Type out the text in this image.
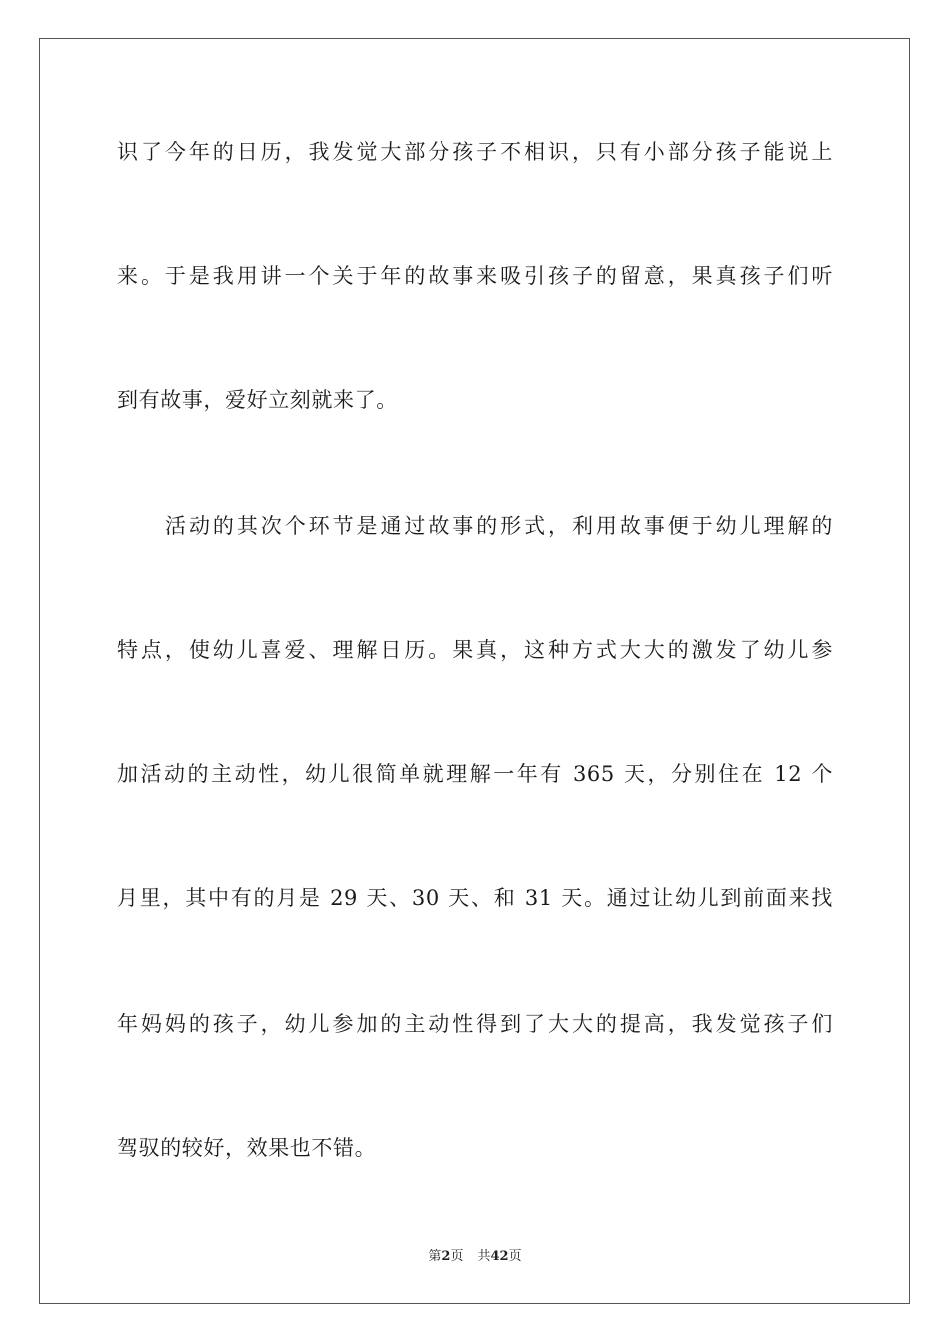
识了今年的日历，我发觉大部分孩子不相识，只有小部分孩子能说上
来。于是我用讲一个关于年的故事来吸引孩子的留意，果真孩子们听
到有故事，爱好立刻就来了。
活动的其次个环节是通过故事的形式，利用故事便于幼儿理解的
特点，使幼儿喜爱、理解日历。果真，这种方式大大的激发了幼儿参
加活动的主动性，幼儿很简单就理解一年有 365 天，分别住在 12 个
月里，其中有的月是 29 天、30 天、和 31 天。通过让幼儿到前面来找
年妈妈的孩子，幼儿参加的主动性得到了大大的提高，我发觉孩子们
驾驭的较好，效果也不错。
第2页 共42页
